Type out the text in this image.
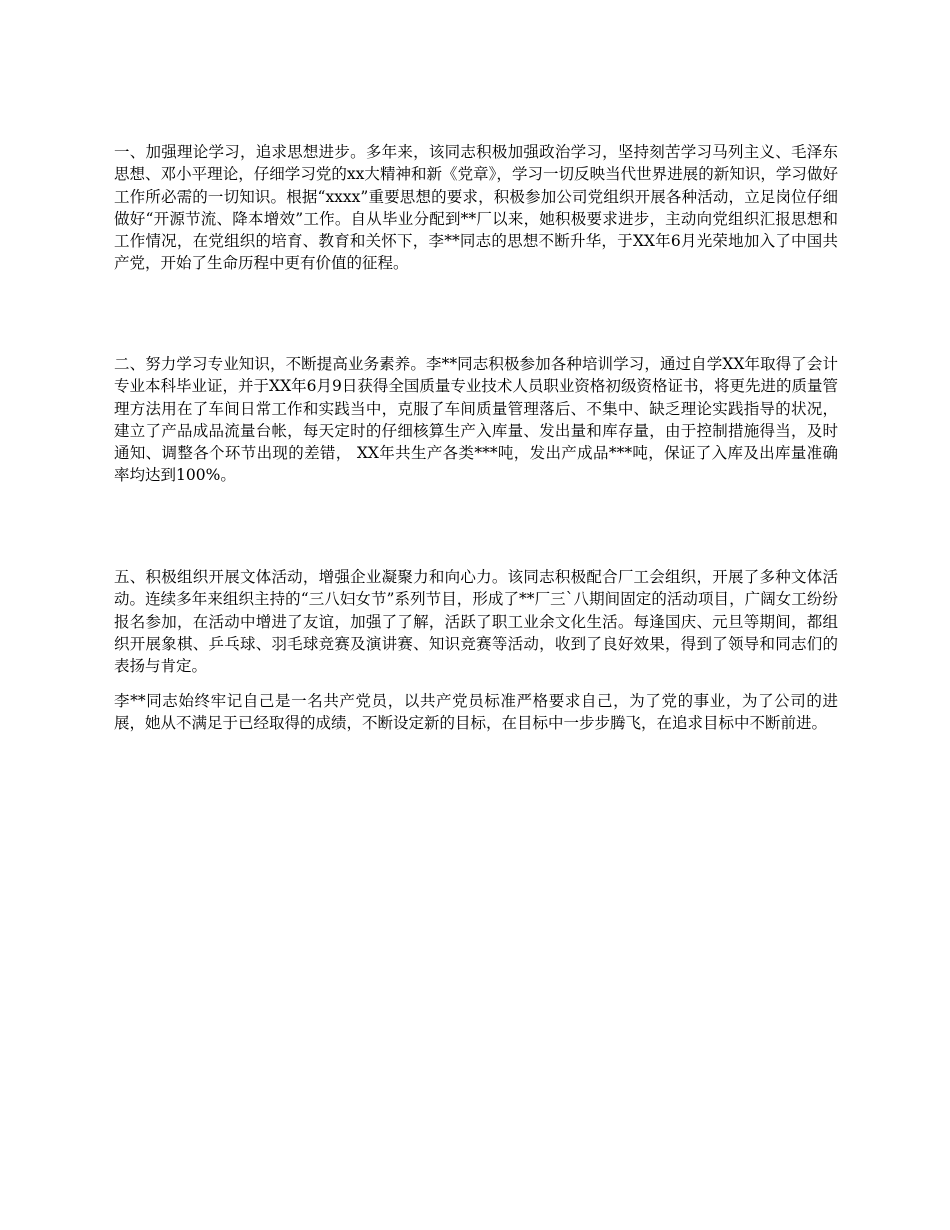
一、加强理论学习，追求思想进步。多年来，该同志积极加强政治学习，坚持刻苦学习马列主义、毛泽东思想、邓小平理论，仔细学习党的xx大精神和新《党章》，学习一切反映当代世界进展的新知识，学习做好工作所必需的一切知识。根据“xxxx”重要思想的要求，积极参加公司党组织开展各种活动，立足岗位仔细做好“开源节流、降本增效”工作。自从毕业分配到**厂以来，她积极要求进步，主动向党组织汇报思想和工作情况，在党组织的培育、教育和关怀下，李**同志的思想不断升华，于XX年6月光荣地加入了中国共产党，开始了生命历程中更有价值的征程。

二、努力学习专业知识，不断提高业务素养。李**同志积极参加各种培训学习，通过自学XX年取得了会计专业本科毕业证，并于XX年6月9日获得全国质量专业技术人员职业资格初级资格证书，将更先进的质量管理方法用在了车间日常工作和实践当中，克服了车间质量管理落后、不集中、缺乏理论实践指导的状况，建立了产品成品流量台帐，每天定时的仔细核算生产入库量、发出量和库存量，由于控制措施得当，及时通知、调整各个环节出现的差错， XX年共生产各类***吨，发出产成品***吨，保证了入库及出库量准确率均达到100%。

五、积极组织开展文体活动，增强企业凝聚力和向心力。该同志积极配合厂工会组织，开展了多种文体活动。连续多年来组织主持的“三八妇女节”系列节目，形成了**厂三`八期间固定的活动项目，广阔女工纷纷报名参加，在活动中增进了友谊，加强了了解，活跃了职工业余文化生活。每逢国庆、元旦等期间，都组织开展象棋、乒乓球、羽毛球竞赛及演讲赛、知识竞赛等活动，收到了良好效果，得到了领导和同志们的表扬与肯定。

李**同志始终牢记自己是一名共产党员，以共产党员标准严格要求自己，为了党的事业，为了公司的进展，她从不满足于已经取得的成绩，不断设定新的目标，在目标中一步步腾飞，在追求目标中不断前进。
